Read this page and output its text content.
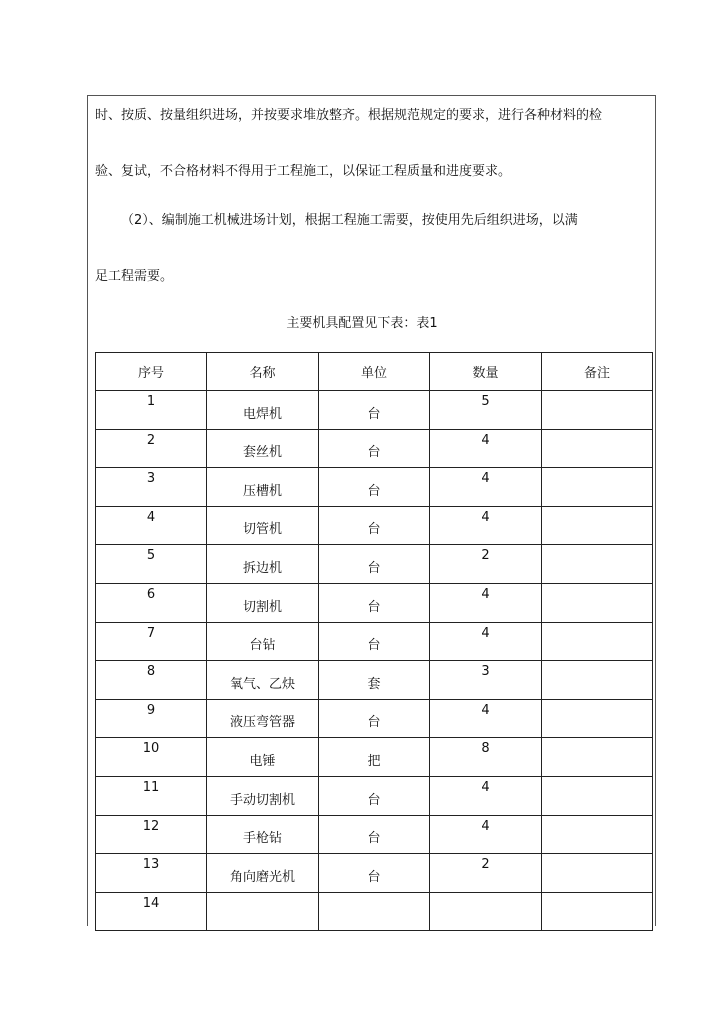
时、按质、按量组织进场，并按要求堆放整齐。根据规范规定的要求，进行各种材料的检
验、复试，不合格材料不得用于工程施工，以保证工程质量和进度要求。
（2）、编制施工机械进场计划，根据工程施工需要，按使用先后组织进场，以满
足工程需要。
主要机具配置见下表：表1
序号	名称	单位	数量	备注

1	电焊机	台	5	

2	套丝机	台	4	

3	压槽机	台	4	

4	切管机	台	4	

5	拆边机	台	2	

6	切割机	台	4	

7	台钻	台	4	

8	氧气、乙炔	套	3	

9	液压弯管器	台	4	

10	电锤	把	8	

11	手动切割机	台	4	

12	手枪钻	台	4	

13	角向磨光机	台	2	

14				
